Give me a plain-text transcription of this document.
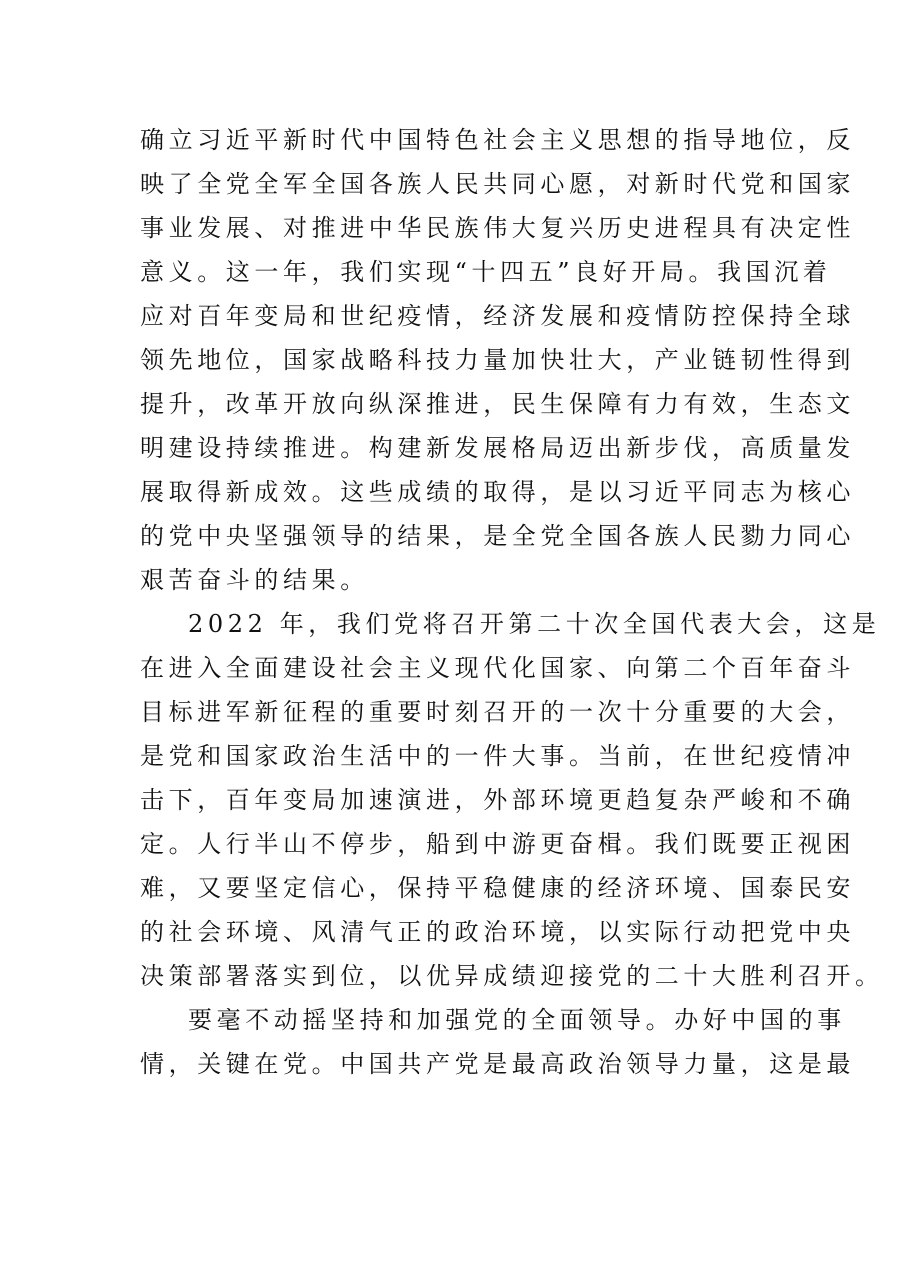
确立习近平新时代中国特色社会主义思想的指导地位，反
映了全党全军全国各族人民共同心愿，对新时代党和国家
事业发展、对推进中华民族伟大复兴历史进程具有决定性
意义。这一年，我们实现“十四五”良好开局。我国沉着
应对百年变局和世纪疫情，经济发展和疫情防控保持全球
领先地位，国家战略科技力量加快壮大，产业链韧性得到
提升，改革开放向纵深推进，民生保障有力有效，生态文
明建设持续推进。构建新发展格局迈出新步伐，高质量发
展取得新成效。这些成绩的取得，是以习近平同志为核心
的党中央坚强领导的结果，是全党全国各族人民勠力同心
艰苦奋斗的结果。
2022 年，我们党将召开第二十次全国代表大会，这是
在进入全面建设社会主义现代化国家、向第二个百年奋斗
目标进军新征程的重要时刻召开的一次十分重要的大会，
是党和国家政治生活中的一件大事。当前，在世纪疫情冲
击下，百年变局加速演进，外部环境更趋复杂严峻和不确
定。人行半山不停步，船到中游更奋楫。我们既要正视困
难，又要坚定信心，保持平稳健康的经济环境、国泰民安
的社会环境、风清气正的政治环境，以实际行动把党中央
决策部署落实到位，以优异成绩迎接党的二十大胜利召开。
要毫不动摇坚持和加强党的全面领导。办好中国的事
情，关键在党。中国共产党是最高政治领导力量，这是最
